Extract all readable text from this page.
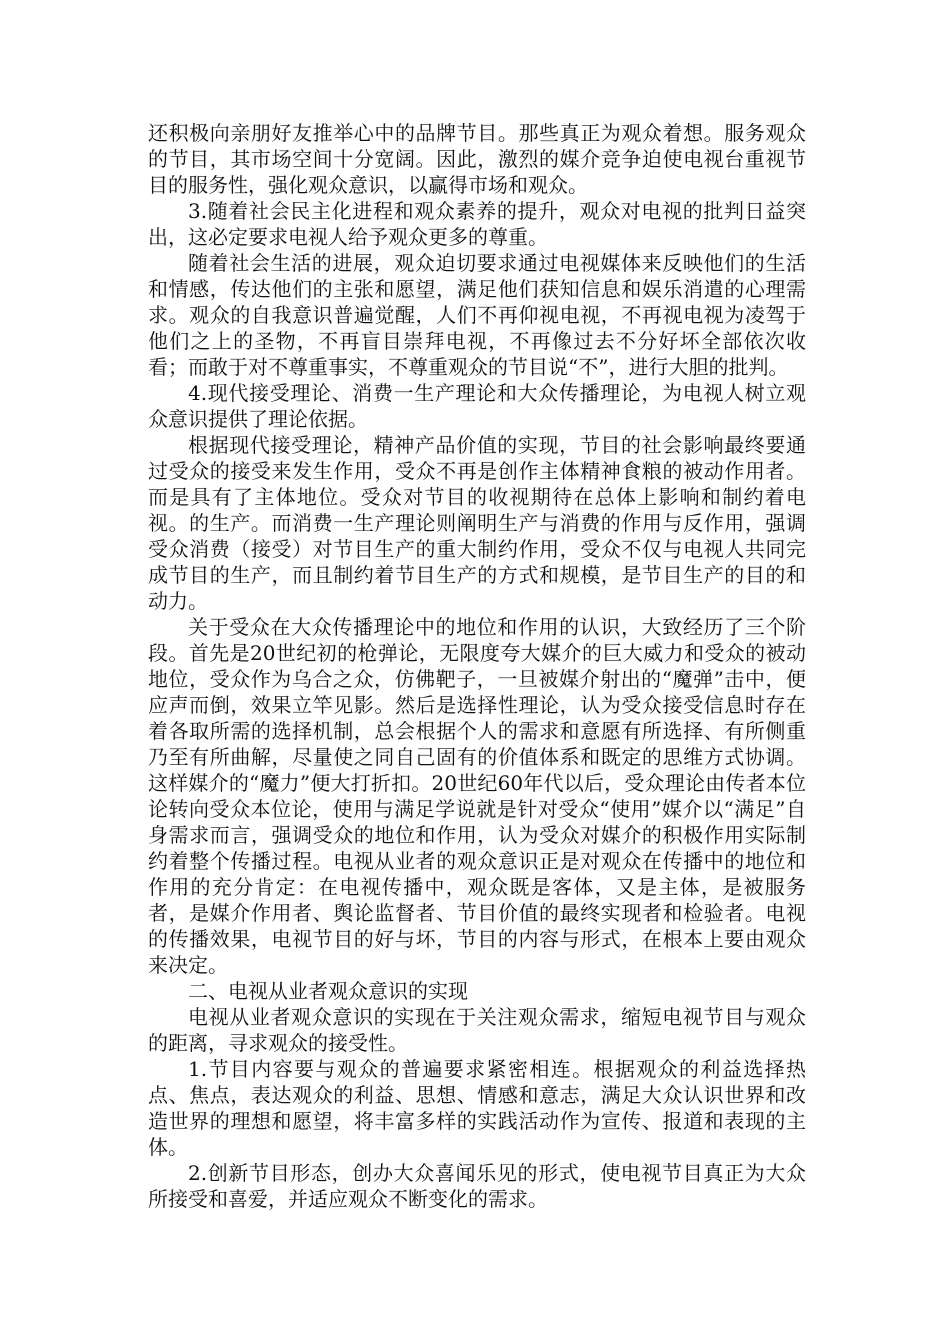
还积极向亲朋好友推举心中的品牌节目。那些真正为观众着想。服务观众的节目，其市场空间十分宽阔。因此，激烈的媒介竞争迫使电视台重视节目的服务性，强化观众意识，以赢得市场和观众。

3.随着社会民主化进程和观众素养的提升，观众对电视的批判日益突出，这必定要求电视人给予观众更多的尊重。

随着社会生活的进展，观众迫切要求通过电视媒体来反映他们的生活和情感，传达他们的主张和愿望，满足他们获知信息和娱乐消遣的心理需求。观众的自我意识普遍觉醒，人们不再仰视电视，不再视电视为凌驾于他们之上的圣物，不再盲目崇拜电视，不再像过去不分好坏全部依次收看；而敢于对不尊重事实，不尊重观众的节目说“不”，进行大胆的批判。

4.现代接受理论、消费一生产理论和大众传播理论，为电视人树立观众意识提供了理论依据。

根据现代接受理论，精神产品价值的实现，节目的社会影响最终要通过受众的接受来发生作用，受众不再是创作主体精神食粮的被动作用者。而是具有了主体地位。受众对节目的收视期待在总体上影响和制约着电视。的生产。而消费一生产理论则阐明生产与消费的作用与反作用，强调受众消费（接受）对节目生产的重大制约作用，受众不仅与电视人共同完成节目的生产，而且制约着节目生产的方式和规模，是节目生产的目的和动力。

关于受众在大众传播理论中的地位和作用的认识，大致经历了三个阶段。首先是20世纪初的枪弹论，无限度夸大媒介的巨大威力和受众的被动地位，受众作为乌合之众，仿佛靶子，一旦被媒介射出的“魔弹”击中，便应声而倒，效果立竿见影。然后是选择性理论，认为受众接受信息时存在着各取所需的选择机制，总会根据个人的需求和意愿有所选择、有所侧重乃至有所曲解，尽量使之同自己固有的价值体系和既定的思维方式协调。这样媒介的“魔力”便大打折扣。20世纪60年代以后，受众理论由传者本位论转向受众本位论，使用与满足学说就是针对受众“使用”媒介以“满足”自身需求而言，强调受众的地位和作用，认为受众对媒介的积极作用实际制约着整个传播过程。电视从业者的观众意识正是对观众在传播中的地位和作用的充分肯定：在电视传播中，观众既是客体，又是主体，是被服务者，是媒介作用者、舆论监督者、节目价值的最终实现者和检验者。电视的传播效果，电视节目的好与坏，节目的内容与形式，在根本上要由观众来决定。

二、电视从业者观众意识的实现

电视从业者观众意识的实现在于关注观众需求，缩短电视节目与观众的距离，寻求观众的接受性。

1.节目内容要与观众的普遍要求紧密相连。根据观众的利益选择热点、焦点，表达观众的利益、思想、情感和意志，满足大众认识世界和改造世界的理想和愿望，将丰富多样的实践活动作为宣传、报道和表现的主体。

2.创新节目形态，创办大众喜闻乐见的形式，使电视节目真正为大众所接受和喜爱，并适应观众不断变化的需求。
